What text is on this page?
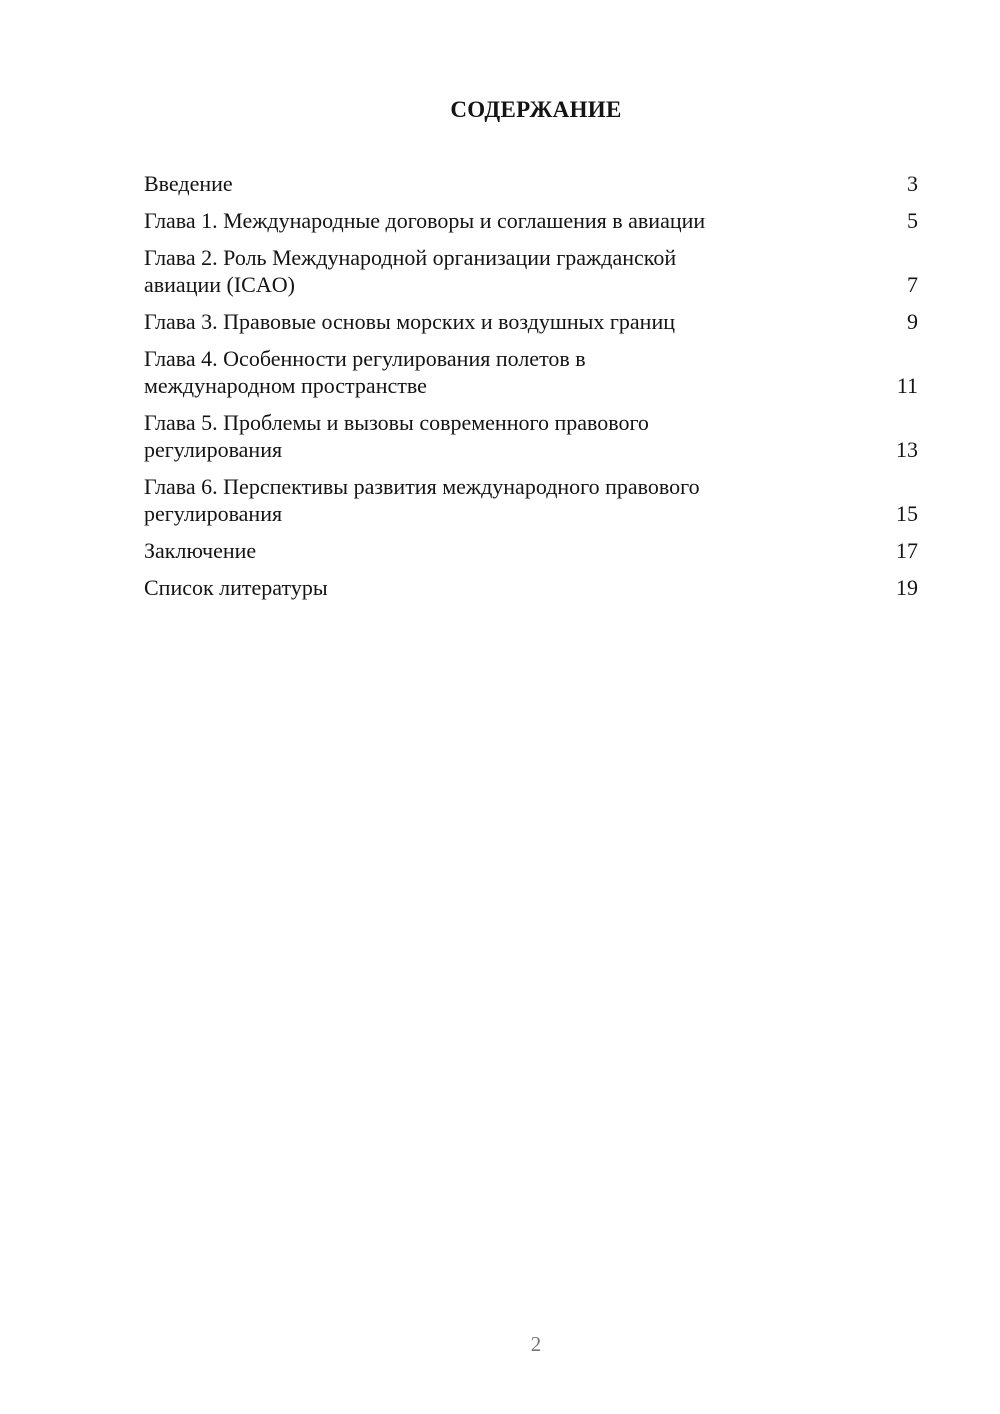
СОДЕРЖАНИЕ
Введение	3
Глава 1. Международные договоры и соглашения в авиации	5
Глава 2. Роль Международной организации гражданской
авиации (ICAO)	7
Глава 3. Правовые основы морских и воздушных границ	9
Глава 4. Особенности регулирования полетов в
международном пространстве	11
Глава 5. Проблемы и вызовы современного правового
регулирования	13
Глава 6. Перспективы развития международного правового
регулирования	15
Заключение	17
Список литературы	19
2
